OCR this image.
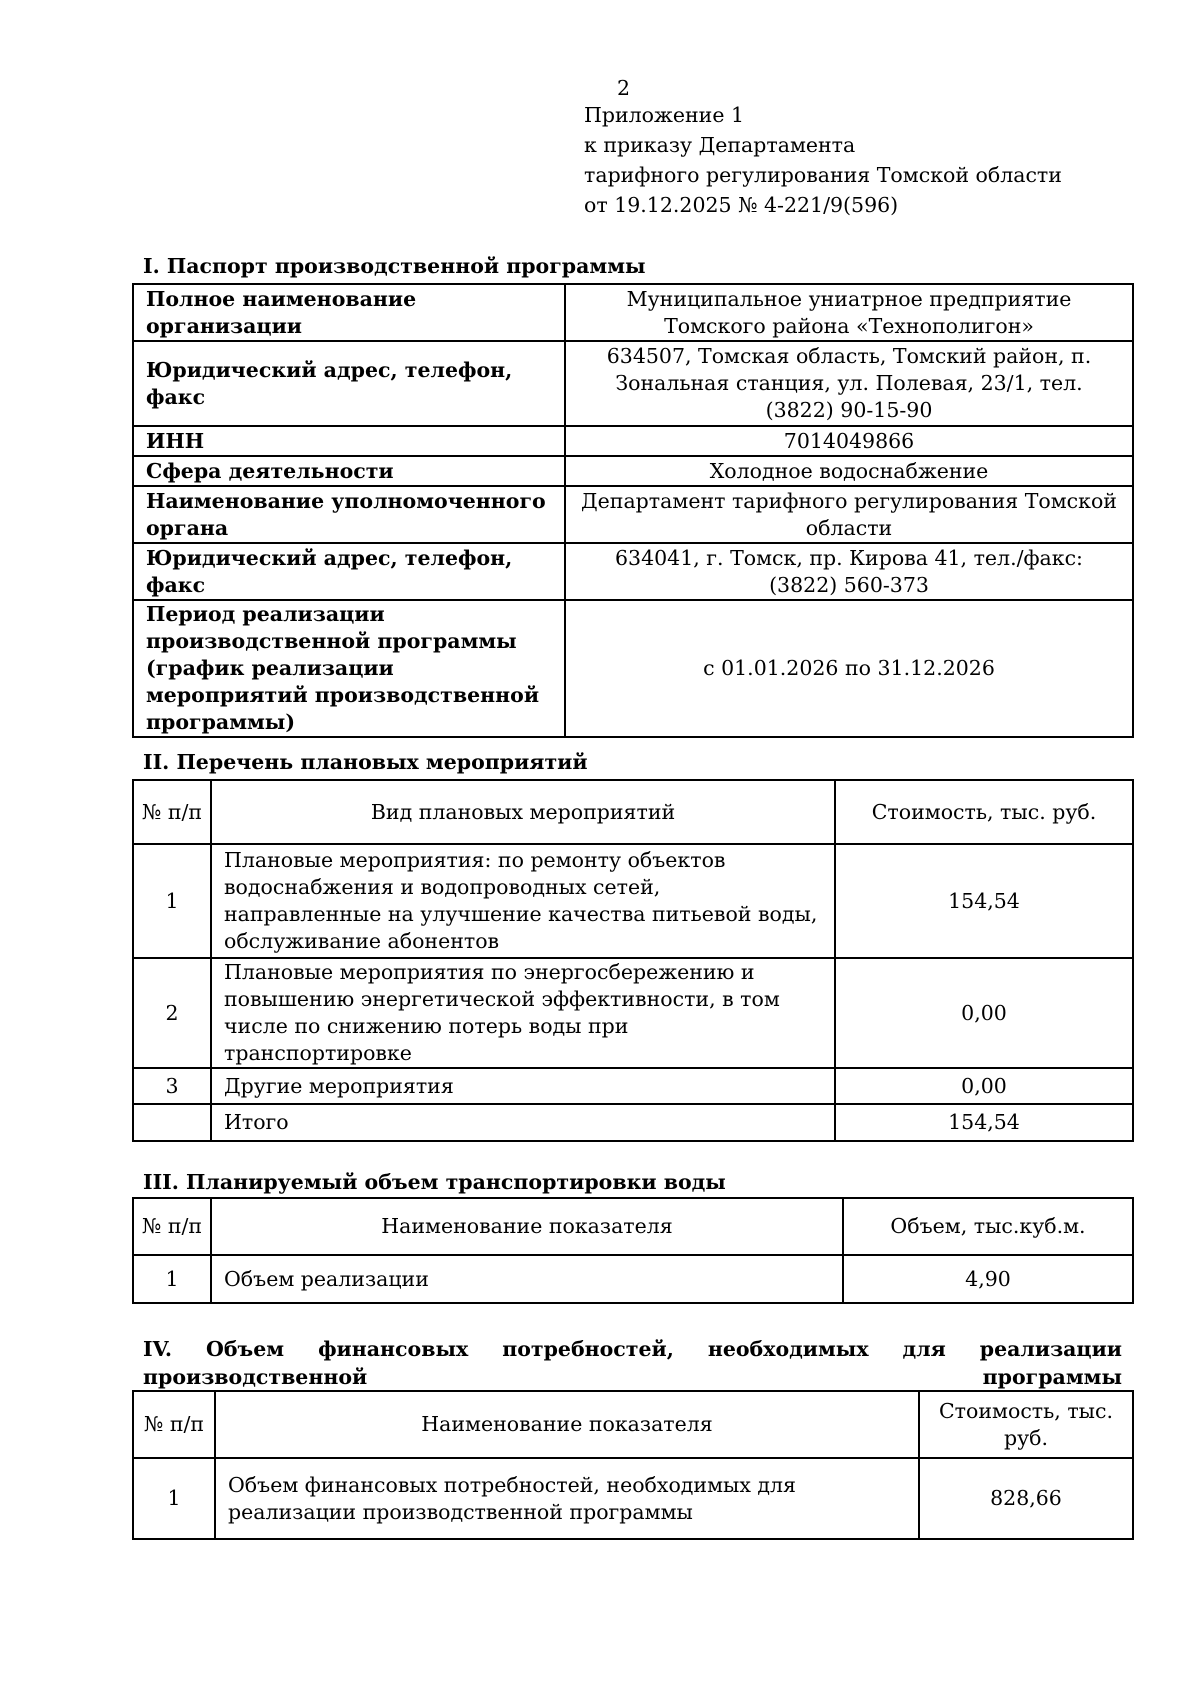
2
Приложение 1
к приказу Департамента
тарифного регулирования Томской области
от 19.12.2025 № 4-221/9(596)
I. Паспорт производственной программы
Полное наименование организации	Муниципальное униатрное предприятие Томского района «Технополигон»
Юридический адрес, телефон, факс	634507, Томская область, Томский район, п. Зональная станция, ул. Полевая, 23/1, тел. (3822) 90-15-90
ИНН	7014049866
Сфера деятельности	Холодное водоснабжение
Наименование уполномоченного органа	Департамент тарифного регулирования Томской области
Юридический адрес, телефон, факс	634041, г. Томск, пр. Кирова 41, тел./факс: (3822) 560-373
Период реализации производственной программы (график реализации мероприятий производственной программы)	с 01.01.2026 по 31.12.2026
II. Перечень плановых мероприятий
№ п/п	Вид плановых мероприятий	Стоимость, тыс. руб.
1	Плановые мероприятия: по ремонту объектов водоснабжения и водопроводных сетей, направленные на улучшение качества питьевой воды, обслуживание абонентов	154,54
2	Плановые мероприятия по энергосбережению и повышению энергетической эффективности, в том числе по снижению потерь воды при транспортировке	0,00
3	Другие мероприятия	0,00
	Итого	154,54
III. Планируемый объем транспортировки воды
№ п/п	Наименование показателя	Объем, тыс.куб.м.
1	Объем реализации	4,90
IV. Объем финансовых потребностей, необходимых для реализации производственной программы
№ п/п	Наименование показателя	Стоимость, тыс. руб.
1	Объем финансовых потребностей, необходимых для реализации производственной программы	828,66
